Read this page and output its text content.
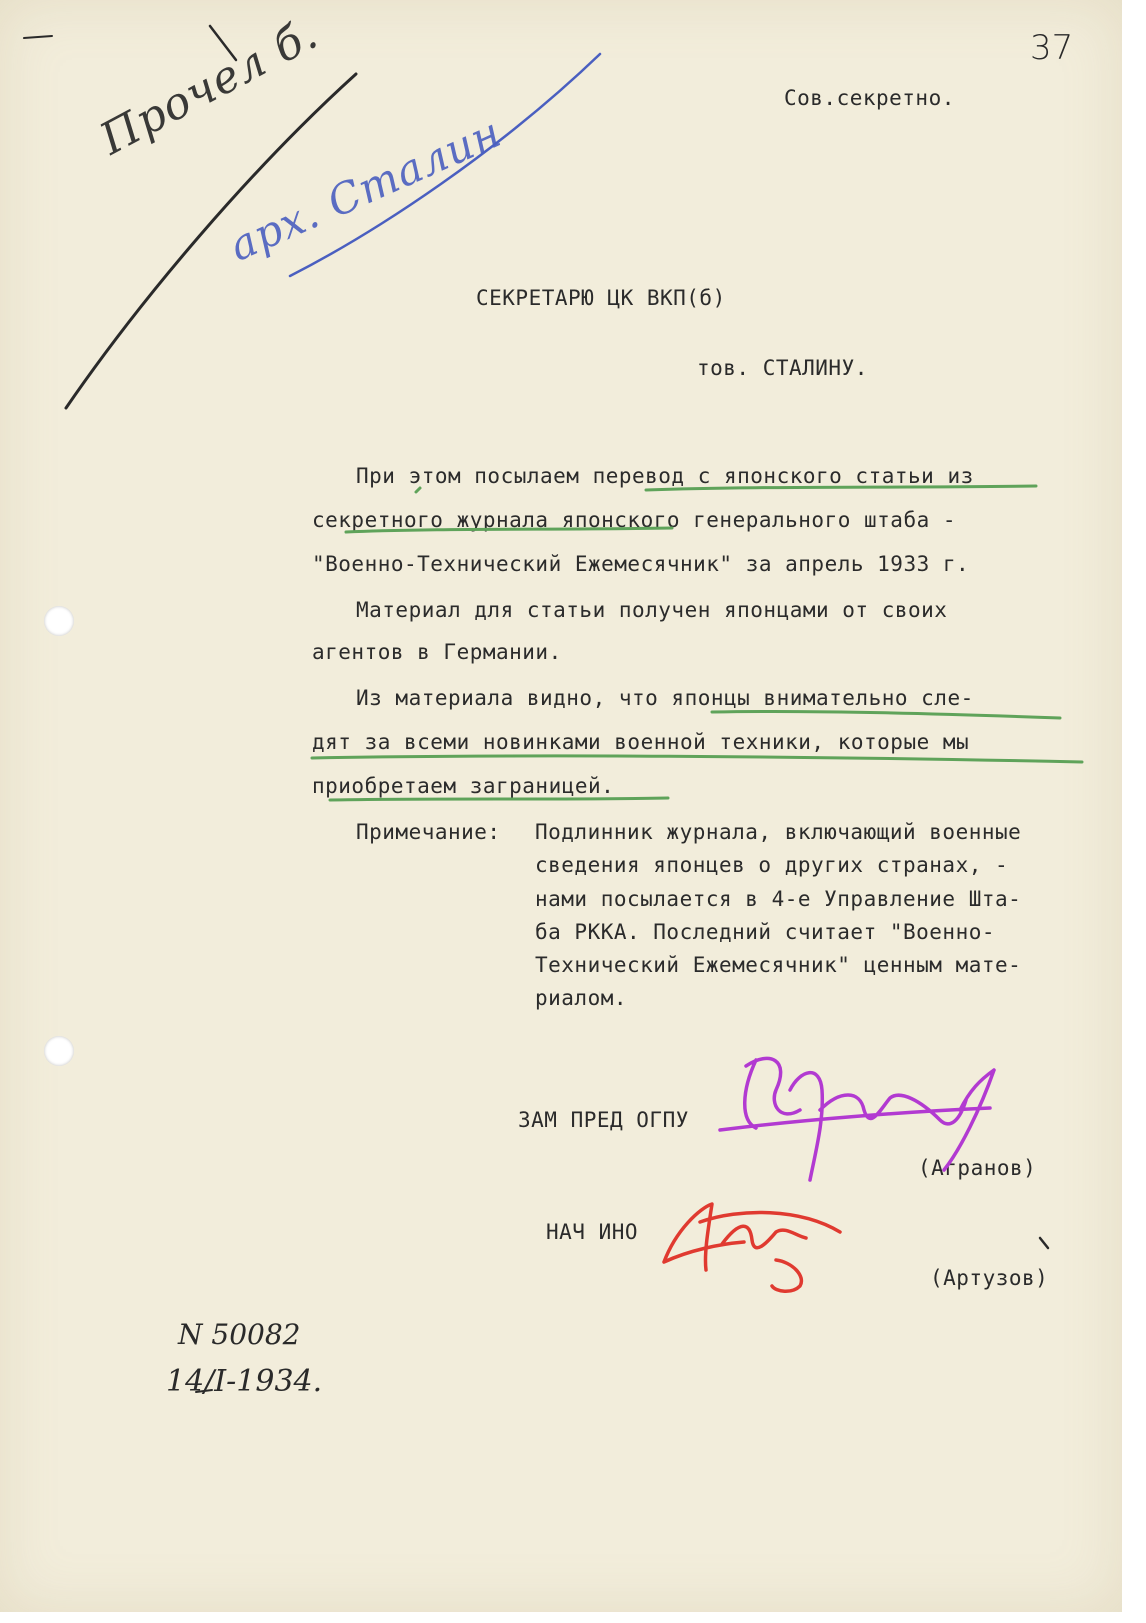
37
Сов.секретно.
СЕКРЕТАРЮ ЦК ВКП(б)
тов. СТАЛИНУ.
При этом посылаем перевод с японского статьи из
секретного журнала японского генерального штаба -
"Военно-Технический Ежемесячник" за апрель 1933 г.
Материал для статьи получен японцами от своих
агентов в Германии.
Из материала видно, что японцы внимательно сле-
дят за всеми новинками военной техники, которые мы
приобретаем заграницей.
Примечание: Подлинник журнала, включающий военные
сведения японцев о других странах, -
нами посылается в 4-е Управление Шта-
ба РККА. Последний считает "Военно-
Технический Ежемесячник" ценным мате-
риалом.
ЗАМ ПРЕД ОГПУ
(Агранов)
НАЧ ИНО
(Артузов)
N 50082
14/I-1934.
Прочел б.
арх. Сталин
